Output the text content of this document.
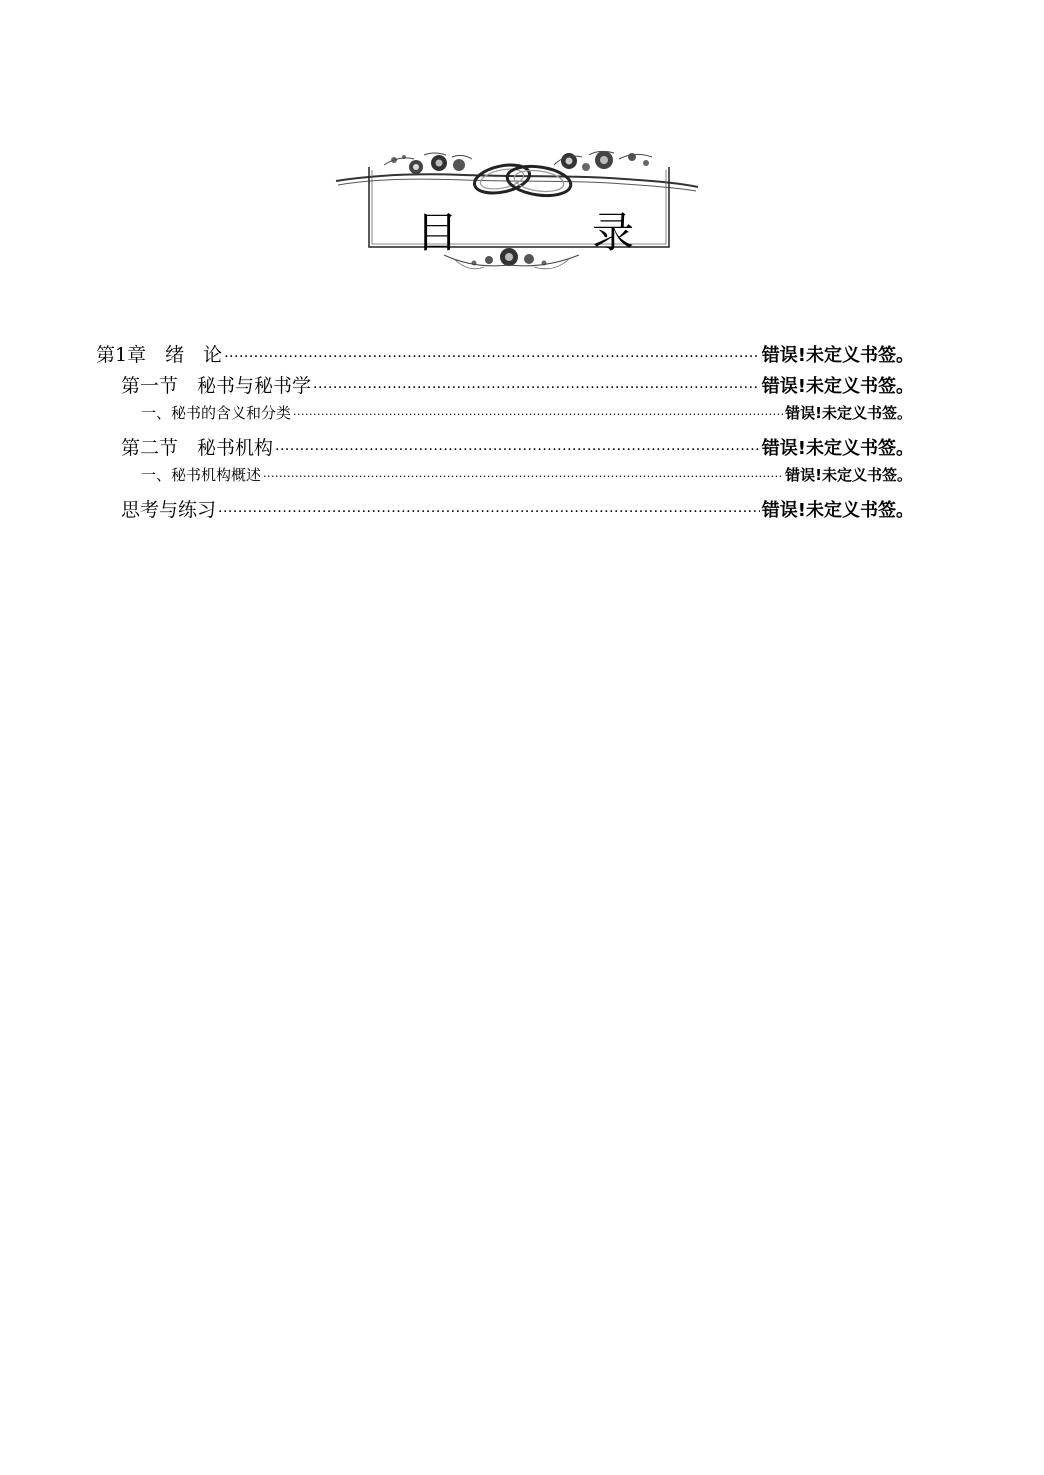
目	录
第1章　绪　论 ·····	错误!未定义书签。
第一节　秘书与秘书学 ·····	错误!未定义书签。
一、秘书的含义和分类 ·····	错误!未定义书签。
第二节　秘书机构 ·····	错误!未定义书签。
一、秘书机构概述 ·····	错误!未定义书签。
思考与练习 ·····	错误!未定义书签。
